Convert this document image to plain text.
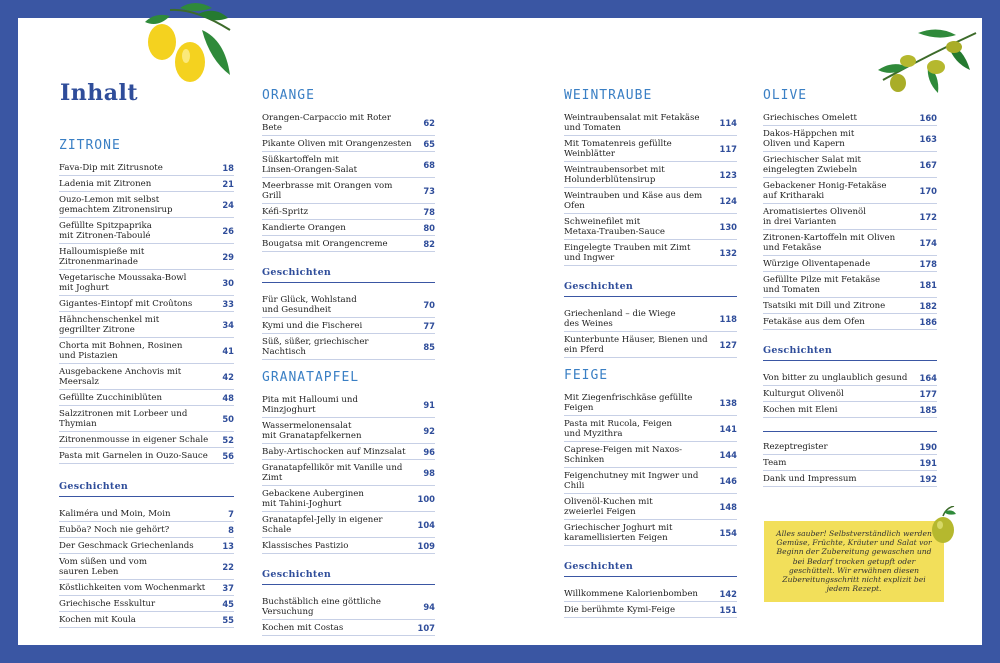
Inhalt
ZITRONE
Fava-Dip mit Zitrusnote	18
Ladenia mit Zitronen	21
Ouzo-Lemon mit selbst
gemachtem Zitronensirup	24
Gefüllte Spitzpaprika
mit Zitronen-Taboulé	26
Halloumispieße mit Zitronenmarinade	29
Vegetarische Moussaka-Bowl
mit Joghurt	30
Gigantes-Eintopf mit Croûtons	33
Hähnchenschenkel mit
gegrillter Zitrone	34
Chorta mit Bohnen, Rosinen
und Pistazien	41
Ausgebackene Anchovis mit Meersalz	42
Gefüllte Zucchiniblüten	48
Salzzitronen mit Lorbeer und Thymian	50
Zitronenmousse in eigener Schale	52
Pasta mit Garnelen in Ouzo-Sauce	56
Geschichten
Kaliméra und Moin, Moin	7
Euböa? Noch nie gehört?	8
Der Geschmack Griechenlands	13
Vom süßen und vom
sauren Leben	22
Köstlichkeiten vom Wochenmarkt	37
Griechische Esskultur	45
Kochen mit Koula	55
ORANGE
Orangen-Carpaccio mit Roter Bete	62
Pikante Oliven mit Orangenzesten	65
Süßkartoffeln mit
Linsen-Orangen-Salat	68
Meerbrasse mit Orangen vom Grill	73
Kéfi-Spritz	78
Kandierte Orangen	80
Bougatsa mit Orangencreme	82
Geschichten
Für Glück, Wohlstand
und Gesundheit	70
Kymi und die Fischerei	77
Süß, süßer, griechischer Nachtisch	85
GRANATAPFEL
Pita mit Halloumi und Minzjoghurt	91
Wassermelonensalat
mit Granatapfelkernen	92
Baby-Artischocken auf Minzsalat	96
Granatapfellikör mit Vanille und Zimt	98
Gebackene Auberginen
mit Tahini-Joghurt	100
Granatapfel-Jelly in eigener Schale	104
Klassisches Pastizio	109
Geschichten
Buchstäblich eine göttliche Versuchung	94
Kochen mit Costas	107
WEINTRAUBE
Weintraubensalat mit Fetakäse
und Tomaten	114
Mit Tomatenreis gefüllte Weinblätter	117
Weintraubensorbet mit
Holunderblütensirup	123
Weintrauben und Käse aus dem Ofen	124
Schweinefilet mit
Metaxa-Trauben-Sauce	130
Eingelegte Trauben mit Zimt
und Ingwer	132
Geschichten
Griechenland – die Wiege
des Weines	118
Kunterbunte Häuser, Bienen und
ein Pferd	127
FEIGE
Mit Ziegenfrischkäse gefüllte Feigen	138
Pasta mit Rucola, Feigen
und Myzithra	141
Caprese-Feigen mit Naxos-Schinken	144
Feigenchutney mit Ingwer und Chili	146
Olivenöl-Kuchen mit
zweierlei Feigen	148
Griechischer Joghurt mit
karamellisierten Feigen	154
Geschichten
Willkommene Kalorienbomben	142
Die berühmte Kymi-Feige	151
OLIVE
Griechisches Omelett	160
Dakos-Häppchen mit
Oliven und Kapern	163
Griechischer Salat mit
eingelegten Zwiebeln	167
Gebackener Honig-Fetakäse
auf Kritharaki	170
Aromatisiertes Olivenöl
in drei Varianten	172
Zitronen-Kartoffeln mit Oliven
und Fetakäse	174
Würzige Oliventapenade	178
Gefüllte Pilze mit Fetakäse
und Tomaten	181
Tsatsiki mit Dill und Zitrone	182
Fetakäse aus dem Ofen	186
Geschichten
Von bitter zu unglaublich gesund 164
Kulturgut Olivenöl	177
Kochen mit Eleni	185
Rezeptregister	190
Team	191
Dank und Impressum	192
Alles sauber! Selbstverständlich werden Gemüse, Früchte, Kräuter und Salat vor Beginn der Zubereitung gewaschen und bei Bedarf trocken getupft oder geschüttelt. Wir erwähnen diesen Zubereitungsschritt nicht explizit bei jedem Rezept.
